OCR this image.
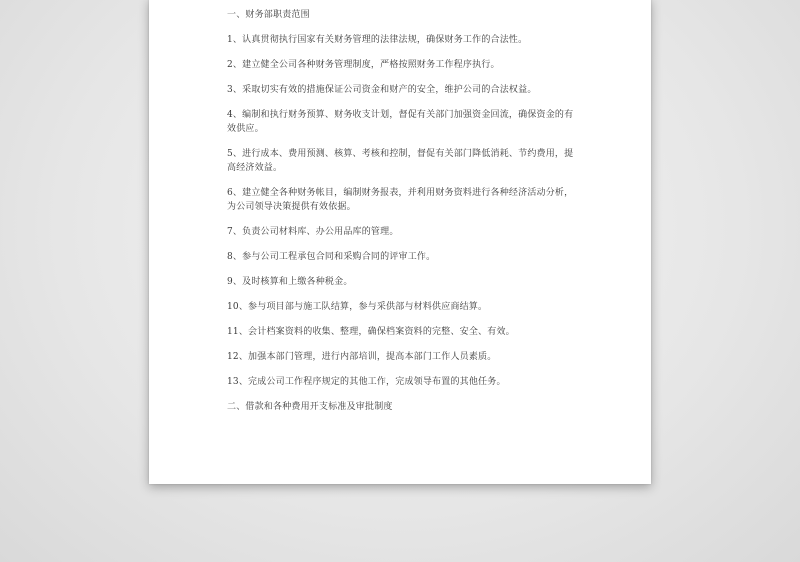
一、财务部职责范围

1、认真贯彻执行国家有关财务管理的法律法规，确保财务工作的合法性。

2、建立健全公司各种财务管理制度，严格按照财务工作程序执行。

3、采取切实有效的措施保证公司资金和财产的安全，维护公司的合法权益。

4、编制和执行财务预算、财务收支计划，督促有关部门加强资金回流，确保资金的有效供应。

5、进行成本、费用预测、核算、考核和控制，督促有关部门降低消耗、节约费用，提高经济效益。

6、建立健全各种财务帐目，编制财务报表，并利用财务资料进行各种经济活动分析，为公司领导决策提供有效依据。

7、负责公司材料库、办公用品库的管理。

8、参与公司工程承包合同和采购合同的评审工作。

9、及时核算和上缴各种税金。

10、参与项目部与施工队结算，参与采供部与材料供应商结算。

11、会计档案资料的收集、整理，确保档案资料的完整、安全、有效。

12、加强本部门管理，进行内部培训，提高本部门工作人员素质。

13、完成公司工作程序规定的其他工作，完成领导布置的其他任务。

二、借款和各种费用开支标准及审批制度
